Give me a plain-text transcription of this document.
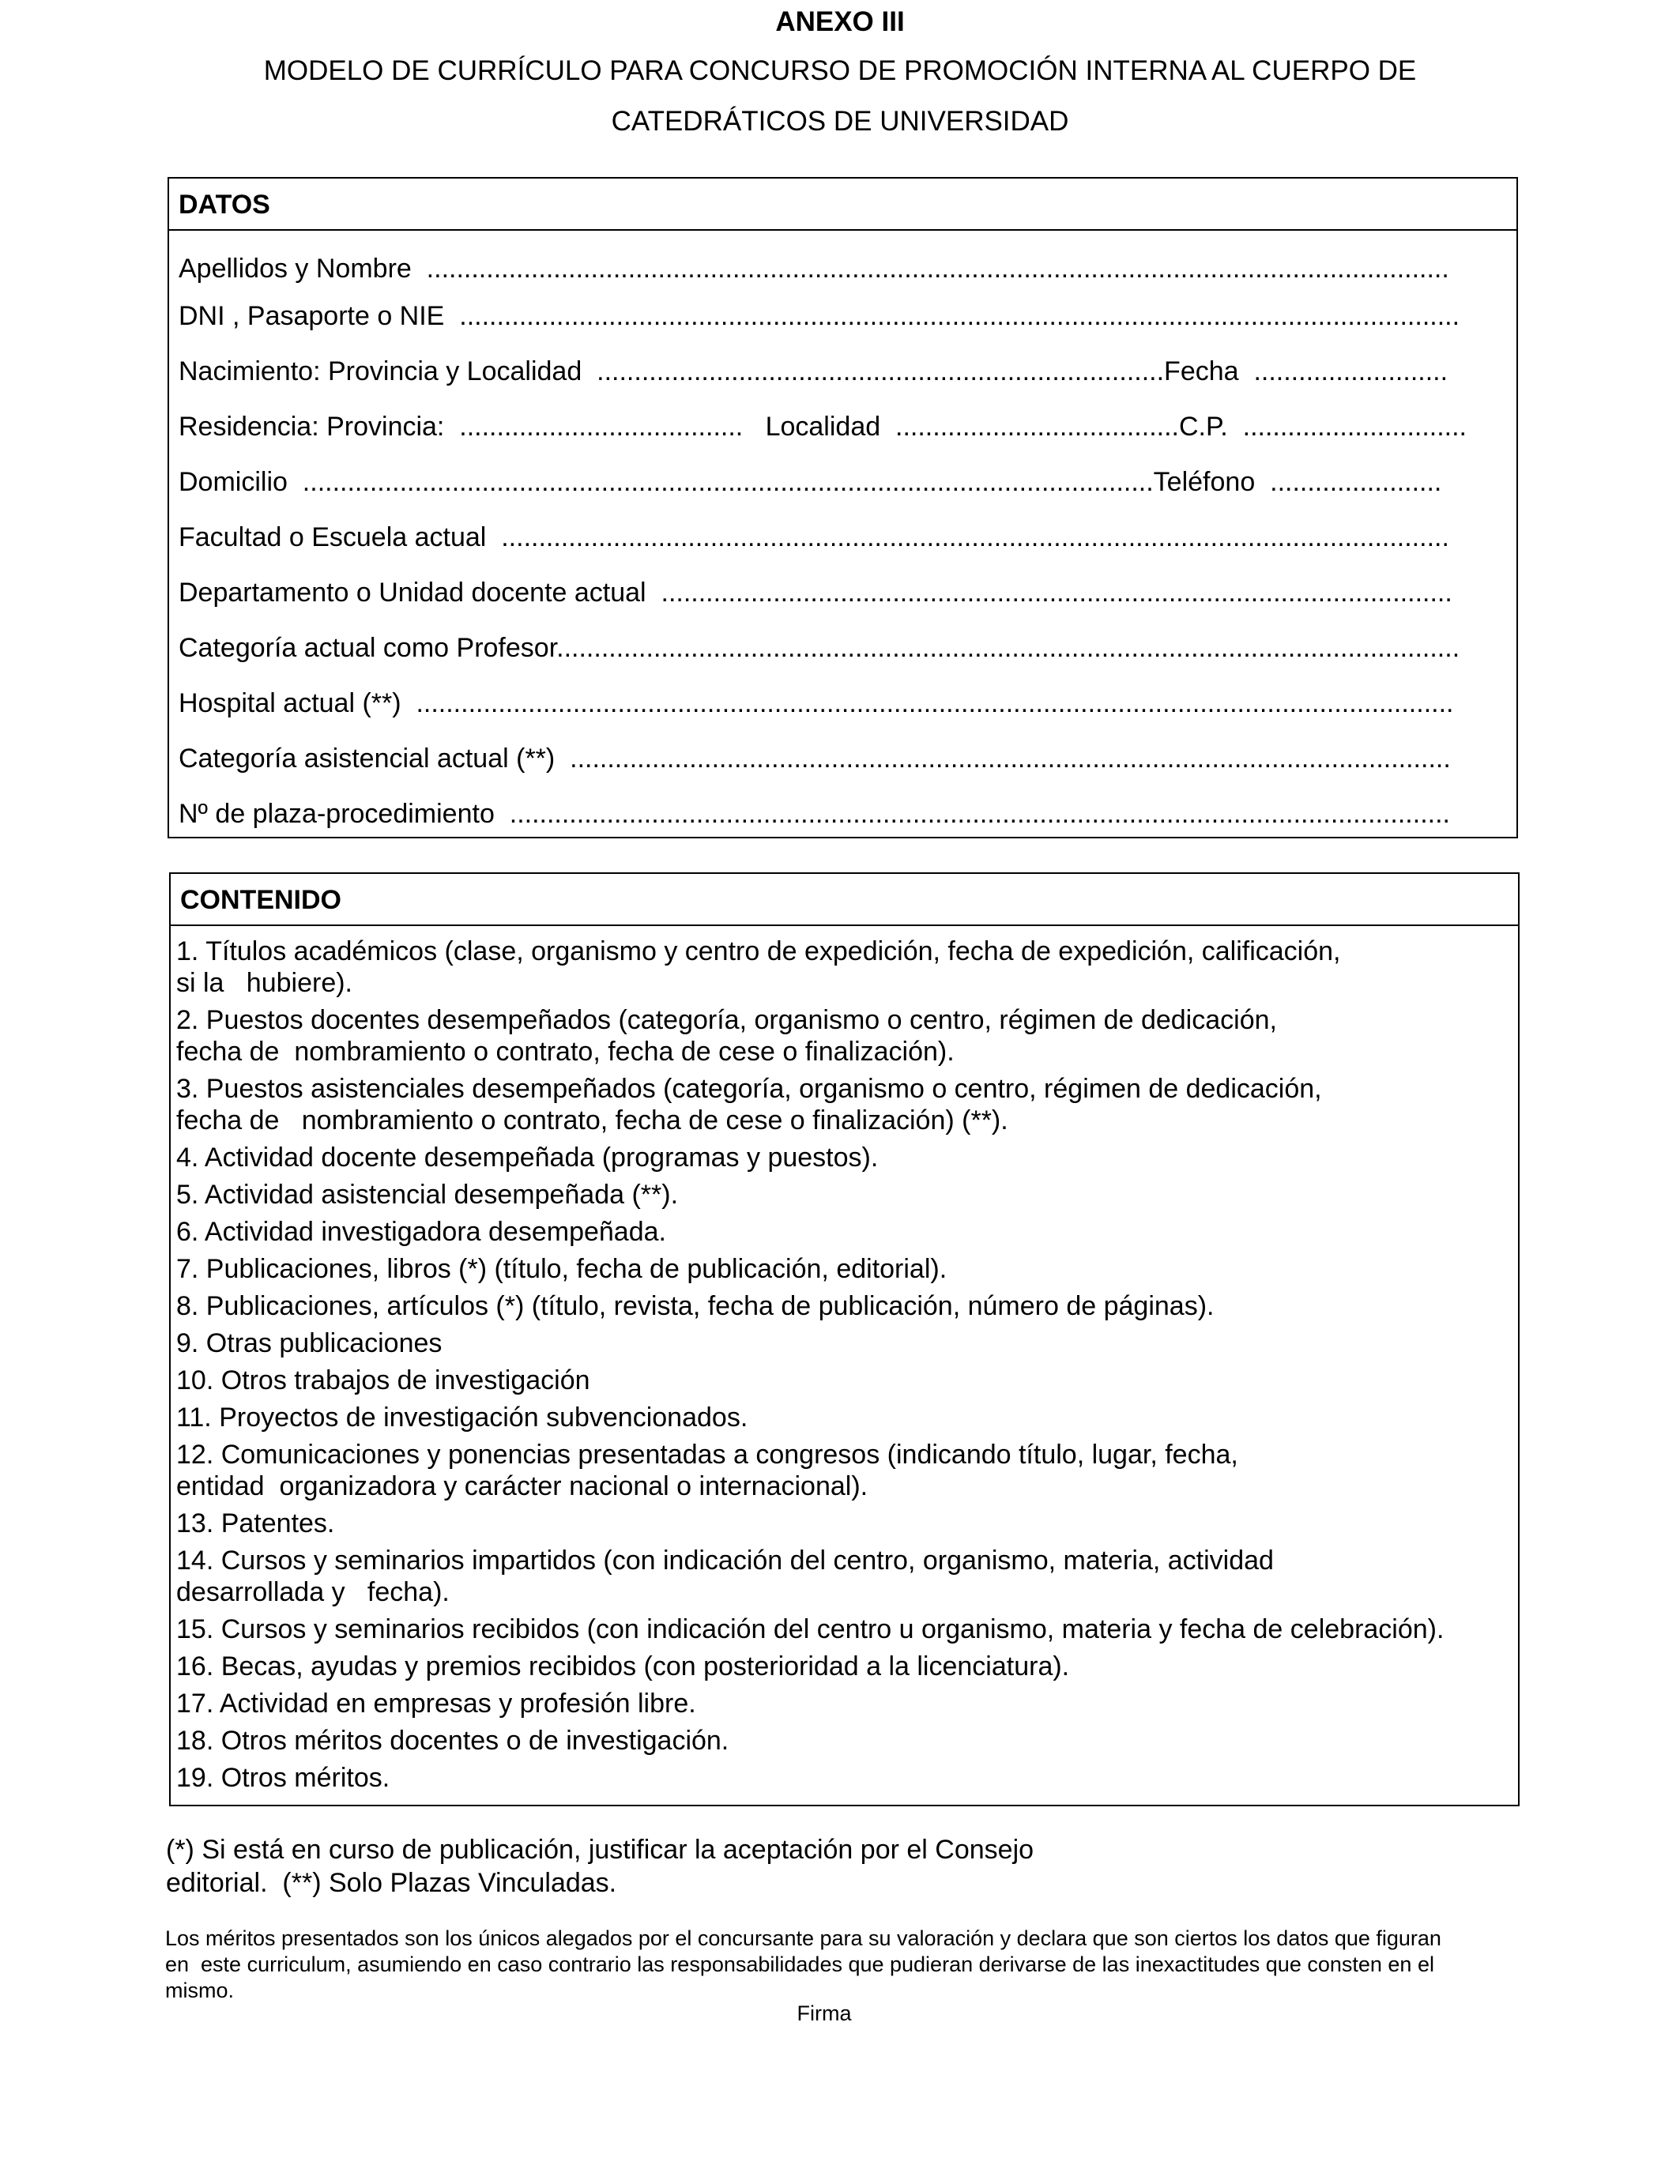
ANEXO III
MODELO DE CURRÍCULO PARA CONCURSO DE PROMOCIÓN INTERNA AL CUERPO DE
CATEDRÁTICOS DE UNIVERSIDAD
DATOS
Apellidos y Nombre  .........................................................................................................................................
DNI , Pasaporte o NIE  ......................................................................................................................................
Nacimiento: Provincia y Localidad  ............................................................................Fecha  ..........................
Residencia: Provincia:  ......................................   Localidad  ......................................C.P.  ..............................
Domicilio  ..................................................................................................................Teléfono  .......................
Facultad o Escuela actual  ...............................................................................................................................
Departamento o Unidad docente actual  ..........................................................................................................
Categoría actual como Profesor.........................................................................................................................
Hospital actual (**)  ...........................................................................................................................................
Categoría asistencial actual (**)  ......................................................................................................................
Nº de plaza-procedimiento  ..............................................................................................................................
CONTENIDO
1. Títulos académicos (clase, organismo y centro de expedición, fecha de expedición, calificación,
si la   hubiere).
2. Puestos docentes desempeñados (categoría, organismo o centro, régimen de dedicación,
fecha de  nombramiento o contrato, fecha de cese o finalización).
3. Puestos asistenciales desempeñados (categoría, organismo o centro, régimen de dedicación,
fecha de   nombramiento o contrato, fecha de cese o finalización) (**).
4. Actividad docente desempeñada (programas y puestos).
5. Actividad asistencial desempeñada (**).
6. Actividad investigadora desempeñada.
7. Publicaciones, libros (*) (título, fecha de publicación, editorial).
8. Publicaciones, artículos (*) (título, revista, fecha de publicación, número de páginas).
9. Otras publicaciones
10. Otros trabajos de investigación
11. Proyectos de investigación subvencionados.
12. Comunicaciones y ponencias presentadas a congresos (indicando título, lugar, fecha,
entidad  organizadora y carácter nacional o internacional).
13. Patentes.
14. Cursos y seminarios impartidos (con indicación del centro, organismo, materia, actividad
desarrollada y   fecha).
15. Cursos y seminarios recibidos (con indicación del centro u organismo, materia y fecha de celebración).
16. Becas, ayudas y premios recibidos (con posterioridad a la licenciatura).
17. Actividad en empresas y profesión libre.
18. Otros méritos docentes o de investigación.
19. Otros méritos.
(*) Si está en curso de publicación, justificar la aceptación por el Consejo
editorial.  (**) Solo Plazas Vinculadas.
Los méritos presentados son los únicos alegados por el concursante para su valoración y declara que son ciertos los datos que figuran
en  este curriculum, asumiendo en caso contrario las responsabilidades que pudieran derivarse de las inexactitudes que consten en el
mismo.
Firma
